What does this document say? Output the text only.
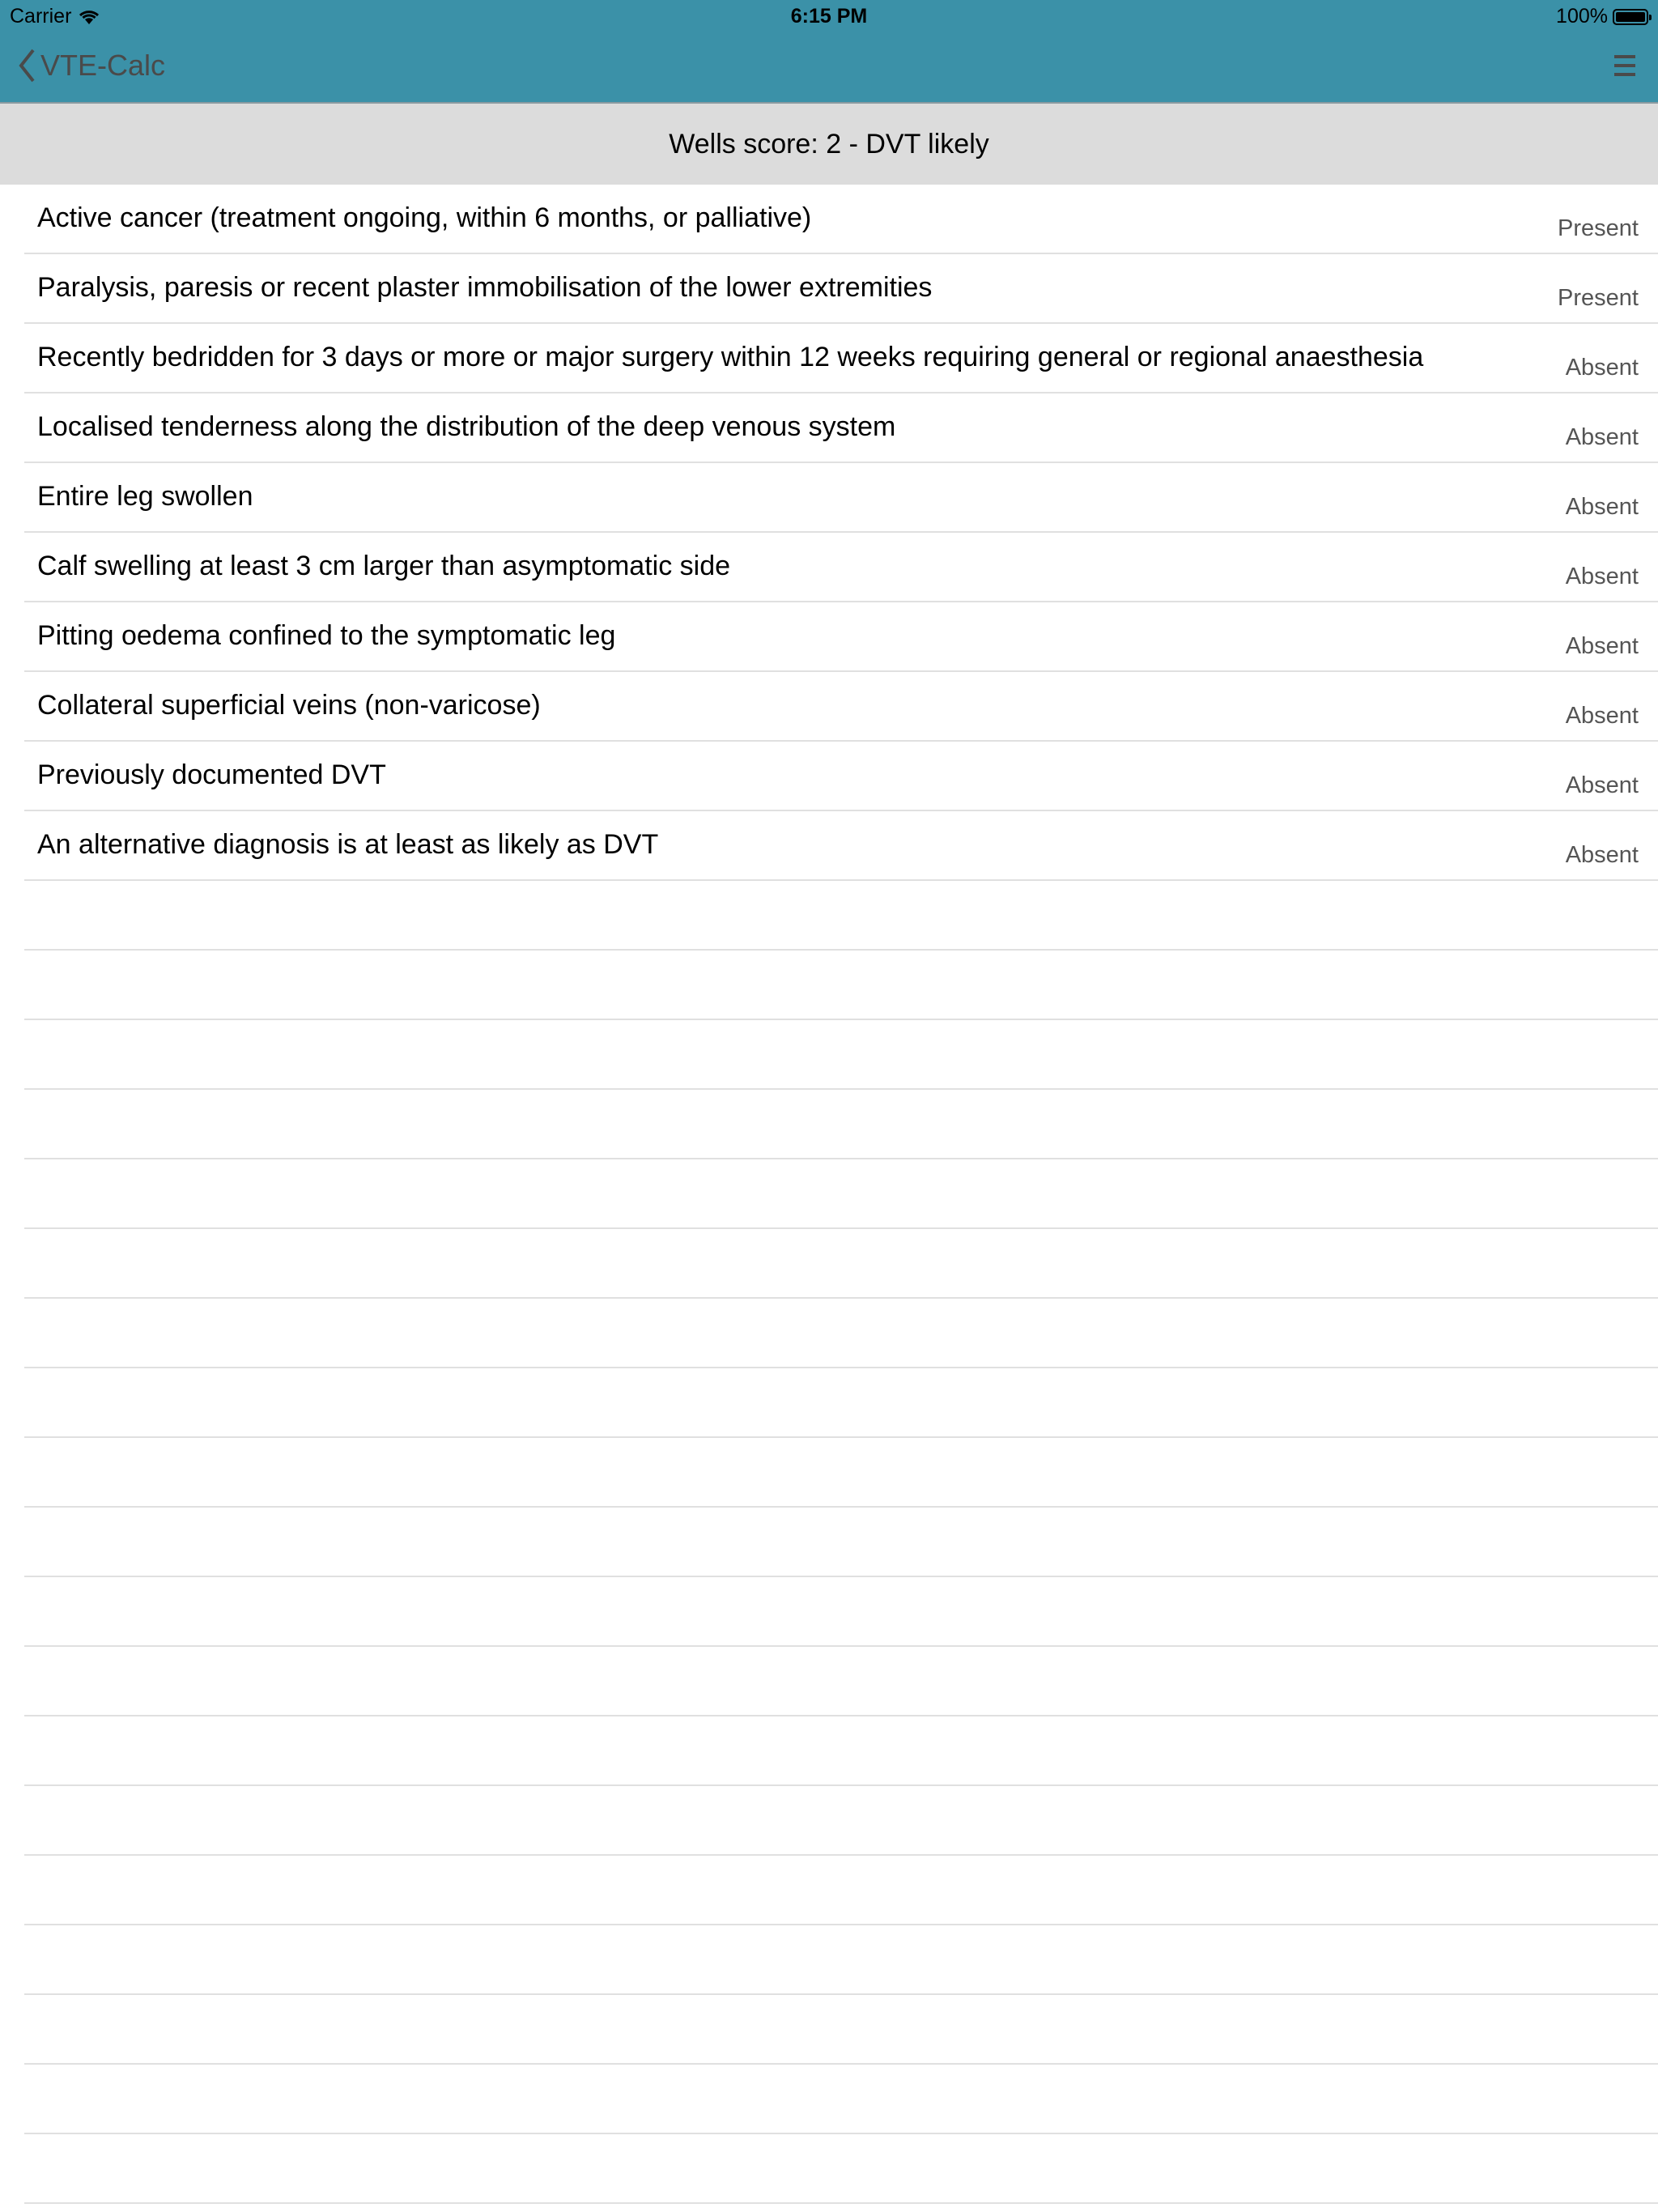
Carrier	6:15 PM	100%
VTE-Calc
Wells score: 2 - DVT likely
Active cancer (treatment ongoing, within 6 months, or palliative)	Present
Paralysis, paresis or recent plaster immobilisation of the lower extremities	Present
Recently bedridden for 3 days or more or major surgery within 12 weeks requiring general or regional anaesthesia	Absent
Localised tenderness along the distribution of the deep venous system	Absent
Entire leg swollen	Absent
Calf swelling at least 3 cm larger than asymptomatic side	Absent
Pitting oedema confined to the symptomatic leg	Absent
Collateral superficial veins (non-varicose)	Absent
Previously documented DVT	Absent
An alternative diagnosis is at least as likely as DVT	Absent
